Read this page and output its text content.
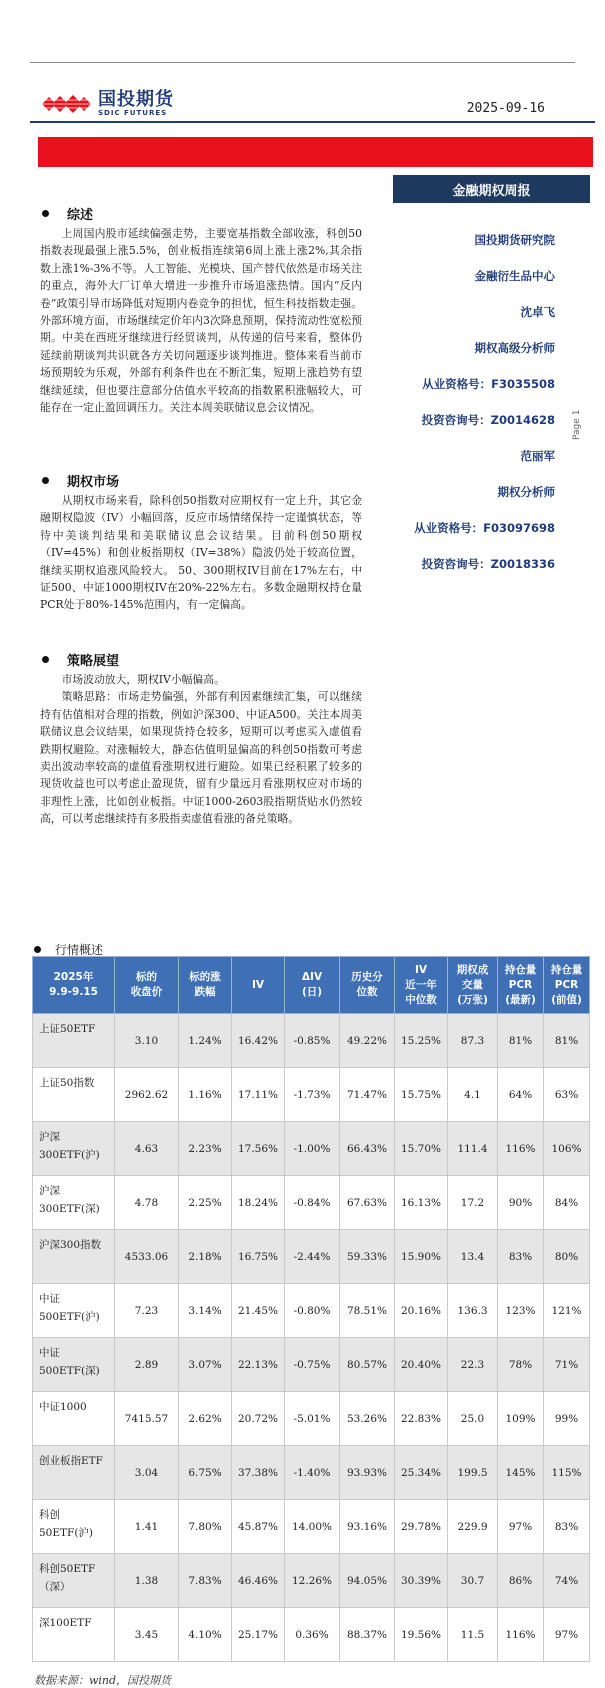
国投期货
SDIC FUTURES	2025-09-16
金融期权周报
国投期货研究院
金融衍生品中心
沈卓飞
期权高级分析师
从业资格号：F3035508
投资咨询号：Z0014628
范丽军
期权分析师
从业资格号：F03097698
投资咨询号：Z0018336
Page 1
综述

上周国内股市延续偏强走势，主要宽基指数全部收涨，科创50指数表现最强上涨5.5%，创业板指连续第6周上涨上涨2%,其余指数上涨1%-3%不等。人工智能、光模块、国产替代依然是市场关注的重点，海外大厂订单大增进一步推升市场追涨热情。国内“反内卷”政策引导市场降低对短期内卷竞争的担忧，恒生科技指数走强。外部环境方面，市场继续定价年内3次降息预期，保持流动性宽松预期。中美在西班牙继续进行经贸谈判，从传递的信号来看，整体仍延续前期谈判共识就各方关切问题逐步谈判推进。整体来看当前市场预期较为乐观，外部有利条件也在不断汇集，短期上涨趋势有望继续延续，但也要注意部分估值水平较高的指数累积涨幅较大，可能存在一定止盈回调压力。关注本周美联储议息会议情况。

期权市场

从期权市场来看，除科创50指数对应期权有一定上升，其它金融期权隐波（IV）小幅回落，反应市场情绪保持一定谨慎状态，等待中美谈判结果和美联储议息会议结果。目前科创50期权（IV=45%）和创业板指期权（IV=38%）隐波仍处于较高位置，继续买期权追涨风险较大。 50、300期权IV目前在17%左右，中证500、中证1000期权IV在20%-22%左右。多数金融期权持仓量PCR处于80%-145%范围内，有一定偏高。

策略展望

市场波动放大，期权IV小幅偏高。

策略思路：市场走势偏强，外部有利因素继续汇集，可以继续持有估值相对合理的指数，例如沪深300、中证A500。关注本周美联储议息会议结果，如果现货持仓较多，短期可以考虑买入虚值看跌期权避险。对涨幅较大，静态估值明显偏高的科创50指数可考虑卖出波动率较高的虚值看涨期权进行避险。如果已经积累了较多的现货收益也可以考虑止盈现货，留有少量远月看涨期权应对市场的非理性上涨，比如创业板指。中证1000-2603股指期货贴水仍然较高，可以考虑继续持有多股指卖虚值看涨的备兑策略。

行情概述
2025年
9.9-9.15	标的
收盘价	标的涨
跌幅	IV	ΔIV
(日)	历史分
位数	IV
近一年
中位数	期权成
交量
(万张)	持仓量
PCR
(最新)	持仓量
PCR
(前值)
上证50ETF	3.10	1.24%	16.42%	-0.85%	49.22%	15.25%	87.3	81%	81%
上证50指数	2962.62	1.16%	17.11%	-1.73%	71.47%	15.75%	4.1	64%	63%
沪深300ETF(沪)	4.63	2.23%	17.56%	-1.00%	66.43%	15.70%	111.4	116%	106%
沪深300ETF(深)	4.78	2.25%	18.24%	-0.84%	67.63%	16.13%	17.2	90%	84%
沪深300指数	4533.06	2.18%	16.75%	-2.44%	59.33%	15.90%	13.4	83%	80%
中证500ETF(沪)	7.23	3.14%	21.45%	-0.80%	78.51%	20.16%	136.3	123%	121%
中证500ETF(深)	2.89	3.07%	22.13%	-0.75%	80.57%	20.40%	22.3	78%	71%
中证1000	7415.57	2.62%	20.72%	-5.01%	53.26%	22.83%	25.0	109%	99%
创业板指ETF	3.04	6.75%	37.38%	-1.40%	93.93%	25.34%	199.5	145%	115%
科创50ETF(沪)	1.41	7.80%	45.87%	14.00%	93.16%	29.78%	229.9	97%	83%
科创50ETF（深）	1.38	7.83%	46.46%	12.26%	94.05%	30.39%	30.7	86%	74%
深100ETF	3.45	4.10%	25.17%	0.36%	88.37%	19.56%	11.5	116%	97%
数据来源：wind，国投期货
